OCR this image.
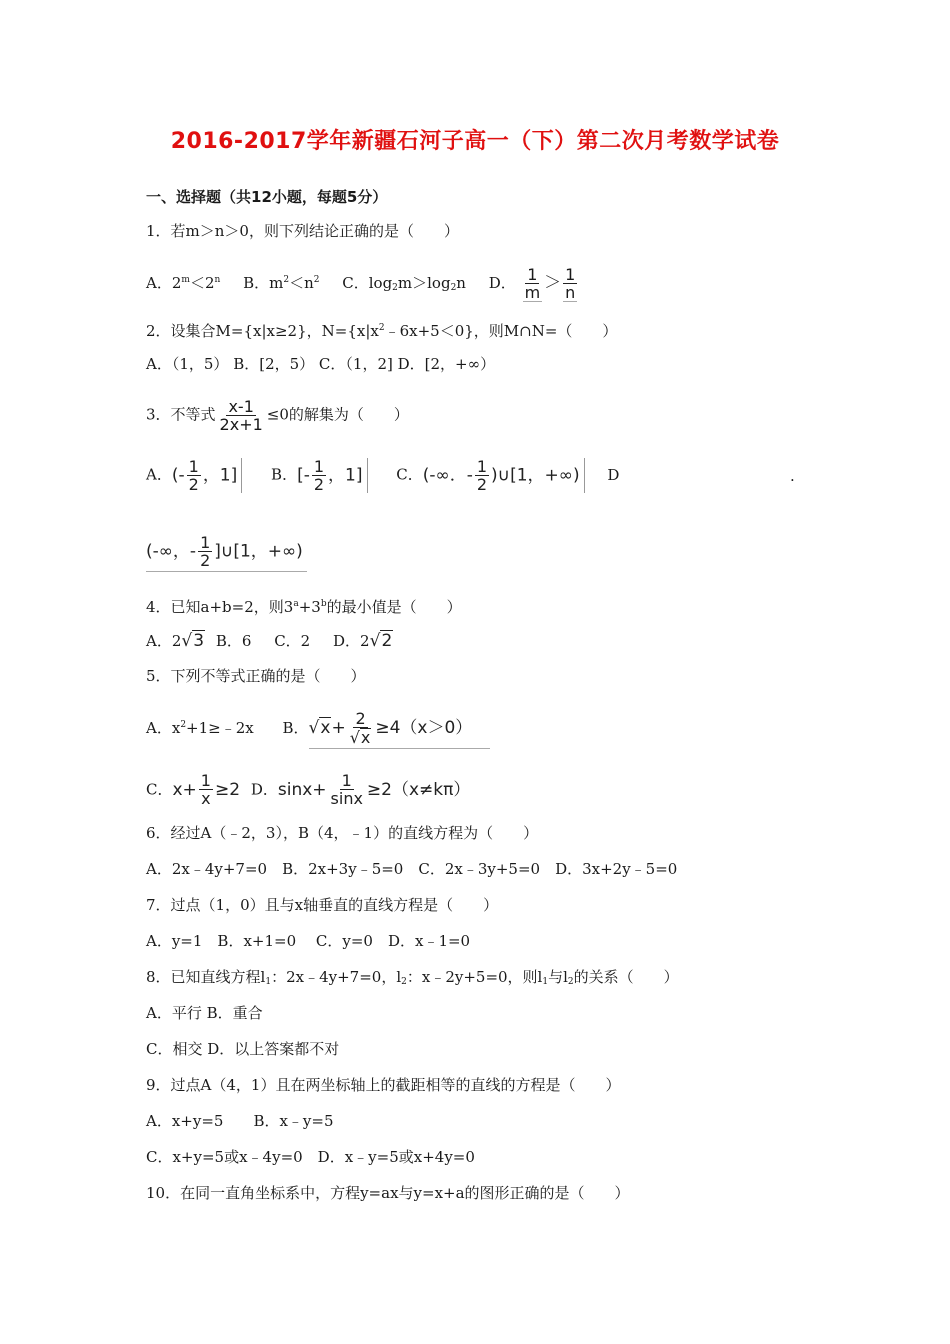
2016-2017学年新疆石河子高一（下）第二次月考数学试卷
一、选择题（共12小题，每题5分）
1．若m＞n＞0，则下列结论正确的是（　　）
A．$2^m<2^n$ B．$m^2<n^2$ C．$\log_2m>\log_2n$ D． $\frac{1}{m} > \frac{1}{n}$
2．设集合M={x|x≥2}，$N=\{x|x^2﹣6x+5<0\}$，则M∩N=（　　）
A．（1，5） B．[2，5） C．（1，2] D．[2，+∞）
3．不等式 $\frac{x-1}{2x+1} \le 0$的解集为（　　）
A．(- $\frac{1}{2}$ ，1] B．[- $\frac{1}{2}$ ，1] C．(-∞．- $\frac{1}{2}$ )∪[1，+∞) D	.
(-∞，- $\frac{1}{2}$ ]∪[1，+∞)
4．已知a+b=2，则$3^a+3^b$的最小值是（　　）
A．2√ 3 B．6 C．2 D．2√ 2
5．下列不等式正确的是（　　）
A．$x^2+1\ge﹣2x$ B．√ $x + \frac{2}{√ x} \ge 4(x>0)$
C．$x+ \frac{1}{x} \ge 2$ D．$\sin x+ \frac{1}{\sin x} \ge 2(x\ne k\pi)$
6．经过A（﹣2，3），B（4，﹣1）的直线方程为（　　）
A．2x﹣4y+7=0　B．2x+3y﹣5=0　C．2x﹣3y+5=0　D．3x+2y﹣5=0
7．过点（1，0）且与x轴垂直的直线方程是（　　）
A．y=1　B．x+1=0　 C．y=0　D．x﹣1=0
8．已知直线方程$l_1$：2x﹣4y+7=0，$l_2$：x﹣2y+5=0，则$l_1$与$l_2$的关系（　　）
A．平行 B．重合
C．相交 D．以上答案都不对
9．过点A（4，1）且在两坐标轴上的截距相等的直线的方程是（　　）
A．x+y=5　　B．x﹣y=5
C．x+y=5或x﹣4y=0　D．x﹣y=5或x+4y=0
10．在同一直角坐标系中，方程y=ax与y=x+a的图形正确的是（　　）
